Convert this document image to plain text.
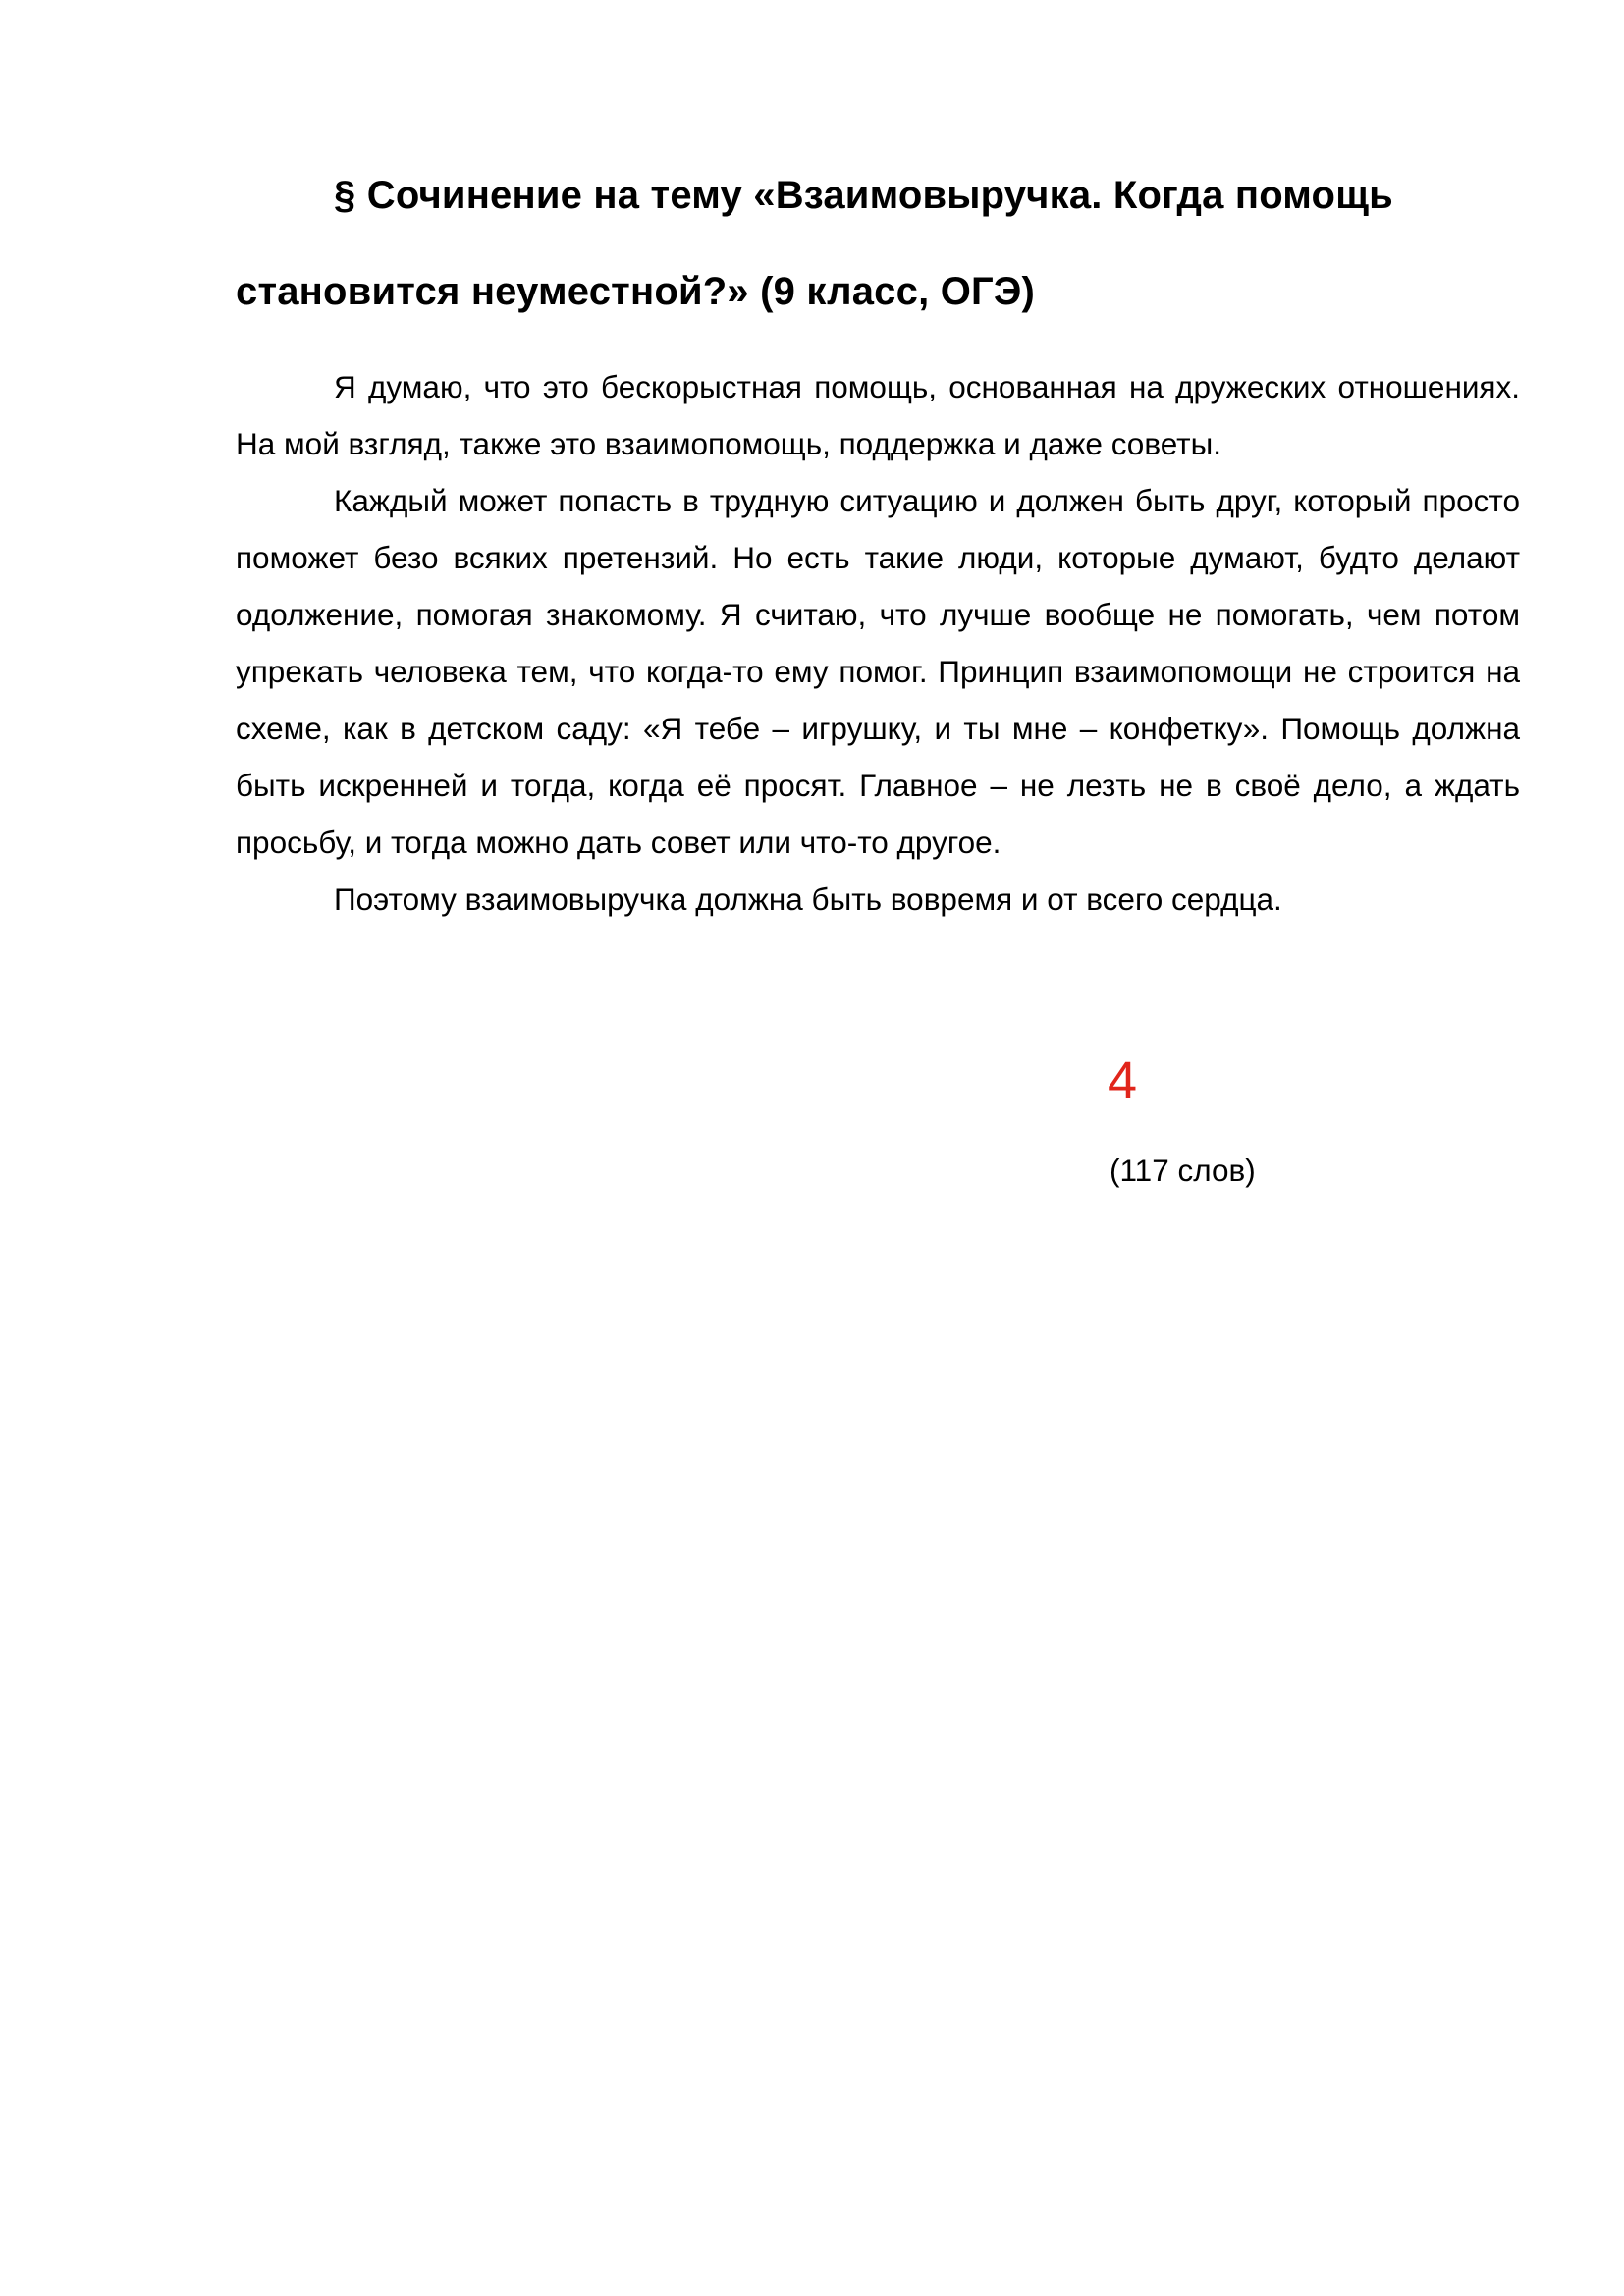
§ Сочинение на тему «Взаимовыручка. Когда помощь становится неуместной?» (9 класс, ОГЭ)

Я думаю, что это бескорыстная помощь, основанная на дружеских отношениях. На мой взгляд, также это взаимопомощь, поддержка и даже советы.

Каждый может попасть в трудную ситуацию и должен быть друг, который просто поможет безо всяких претензий. Но есть такие люди, которые думают, будто делают одолжение, помогая знакомому. Я считаю, что лучше вообще не помогать, чем потом упрекать человека тем, что когда-то ему помог. Принцип взаимопомощи не строится на схеме, как в детском саду: «Я тебе – игрушку, и ты мне – конфетку». Помощь должна быть искренней и тогда, когда её просят. Главное – не лезть не в своё дело, а ждать просьбу, и тогда можно дать совет или что-то другое.

Поэтому взаимовыручка должна быть вовремя и от всего сердца.

4
(117 слов)
